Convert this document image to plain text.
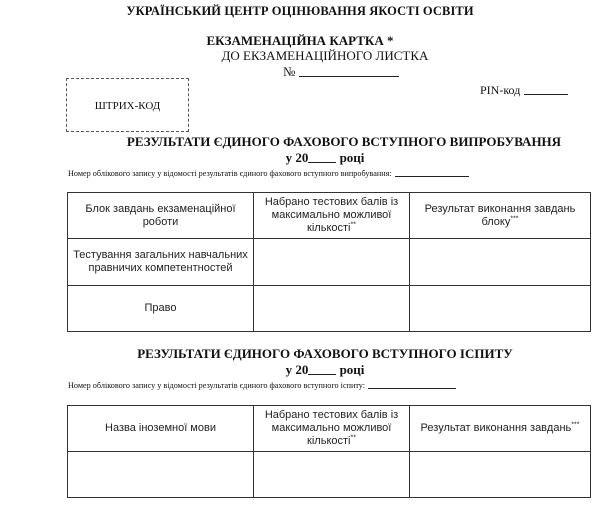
УКРАЇНСЬКИЙ ЦЕНТР ОЦІНЮВАННЯ ЯКОСТІ ОСВІТИ
ЕКЗАМЕНАЦІЙНА КАРТКА *
ДО ЕКЗАМЕНАЦІЙНОГО ЛИСТКА
№
PIN-код
ШТРИХ-КОД
РЕЗУЛЬТАТИ ЄДИНОГО ФАХОВОГО ВСТУПНОГО ВИПРОБУВАННЯ
у 20 році
Номер облікового запису у відомості результатів єдиного фахового вступного випробування:
Блок завдань екзаменаційної роботи	Набрано тестових балів із максимально можливої кількості**	Результат виконання завдань блоку***
Тестування загальних навчальних правничих компетентностей		
Право		
РЕЗУЛЬТАТИ ЄДИНОГО ФАХОВОГО ВСТУПНОГО ІСПИТУ
у 20 році
Номер облікового запису у відомості результатів єдиного фахового вступного іспиту:
Назва іноземної мови	Набрано тестових балів із максимально можливої кількості**	Результат виконання завдань***
